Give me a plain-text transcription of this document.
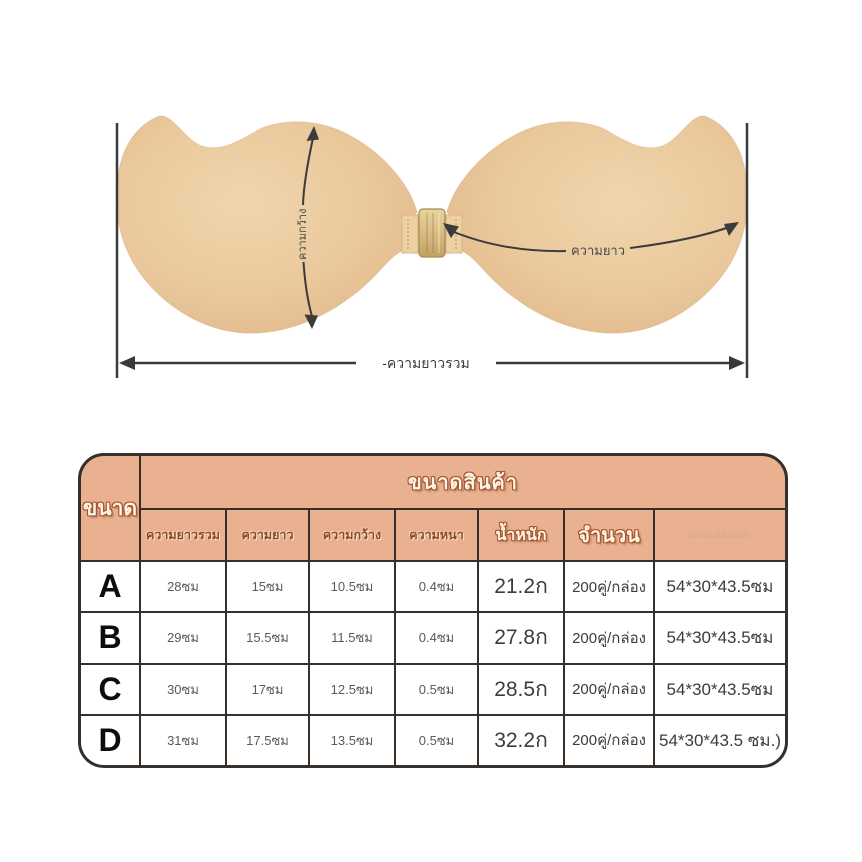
ความกว้าง	ความยาว
-ความยาวรวม
ขนาด
ขนาดสินค้า
ความยาวรวม ความยาว ความกว้าง ความหนา น้ำหนัก จำนวน	ขนาดกล่องสินค้า
A	28ซม	15ซม	10.5ซม	0.4ซม 21.2ก 200คู่/กล่อง 54*30*43.5ซม
B	29ซม	15.5ซม	11.5ซม	0.4ซม 27.8ก 200คู่/กล่อง 54*30*43.5ซม
C	30ซม	17ซม	12.5ซม	0.5ซม 28.5ก 200คู่/กล่อง 54*30*43.5ซม
D	31ซม	17.5ซม	13.5ซม	0.5ซม 32.2ก 200คู่/กล่อง 54*30*43.5 ซม.)
